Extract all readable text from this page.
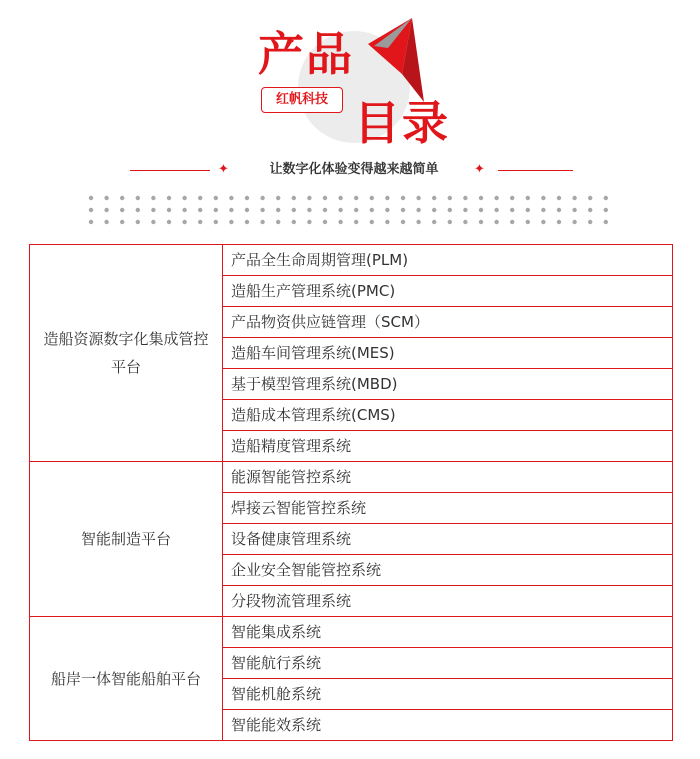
产品
红帆科技 目录
✦	让数字化体验变得越来越简单	✦
造船资源数字化集成管控平台	产品全生命周期管理(PLM)
	造船生产管理系统(PMC)
	产品物资供应链管理（SCM）
	造船车间管理系统(MES)
	基于模型管理系统(MBD)
	造船成本管理系统(CMS)
	造船精度管理系统
智能制造平台	能源智能管控系统
	焊接云智能管控系统
	设备健康管理系统
	企业安全智能管控系统
	分段物流管理系统
船岸一体智能船舶平台	智能集成系统
	智能航行系统
	智能机舱系统
	智能能效系统
